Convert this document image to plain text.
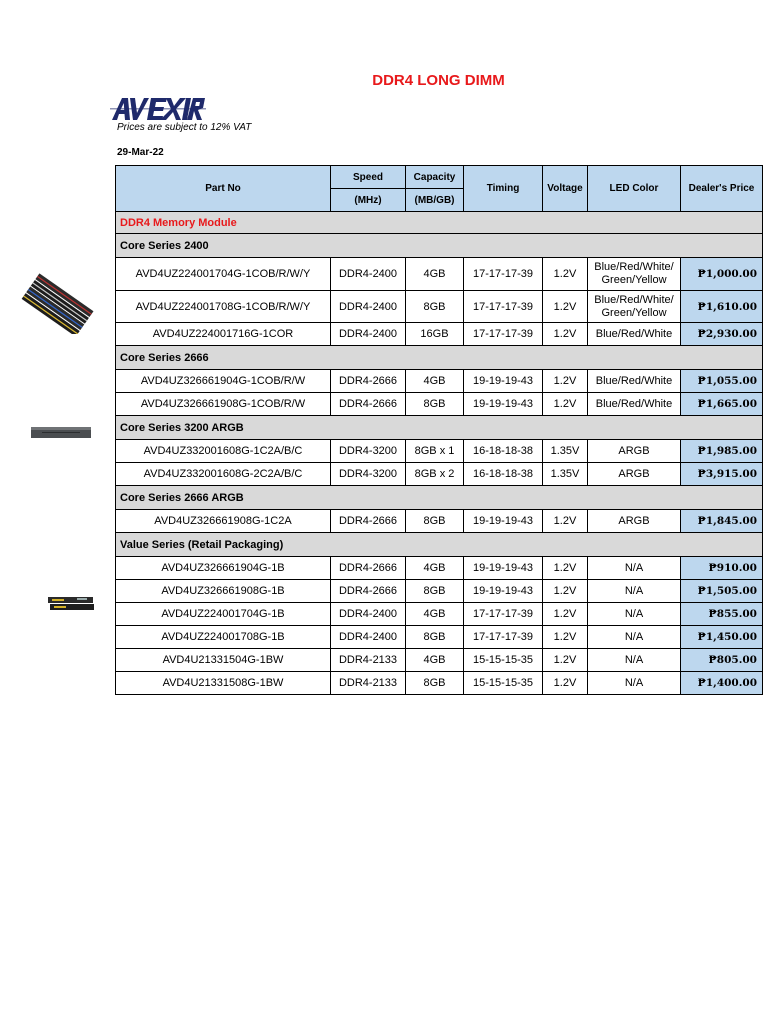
DDR4 LONG DIMM
Prices are subject to 12% VAT
29-Mar-22
Part No	Speed	Capacity	Timing	Voltage	LED Color	Dealer's Price
	(MHz)	(MB/GB)				
DDR4 Memory Module						
Core Series 2400						
AVD4UZ224001704G-1COB/R/W/Y	DDR4-2400	4GB	17-17-17-39	1.2V	Blue/Red/White/ Green/Yellow	₱1,000.00
AVD4UZ224001708G-1COB/R/W/Y	DDR4-2400	8GB	17-17-17-39	1.2V	Blue/Red/White/ Green/Yellow	₱1,610.00
AVD4UZ224001716G-1COR	DDR4-2400	16GB	17-17-17-39	1.2V	Blue/Red/White	₱2,930.00
Core Series 2666						
AVD4UZ326661904G-1COB/R/W	DDR4-2666	4GB	19-19-19-43	1.2V	Blue/Red/White	₱1,055.00
AVD4UZ326661908G-1COB/R/W	DDR4-2666	8GB	19-19-19-43	1.2V	Blue/Red/White	₱1,665.00
Core Series 3200 ARGB						
AVD4UZ332001608G-1C2A/B/C	DDR4-3200	8GB x 1	16-18-18-38	1.35V	ARGB	₱1,985.00
AVD4UZ332001608G-2C2A/B/C	DDR4-3200	8GB x 2	16-18-18-38	1.35V	ARGB	₱3,915.00
Core Series 2666 ARGB						
AVD4UZ326661908G-1C2A	DDR4-2666	8GB	19-19-19-43	1.2V	ARGB	₱1,845.00
Value Series (Retail Packaging)						
AVD4UZ326661904G-1B	DDR4-2666	4GB	19-19-19-43	1.2V	N/A	₱910.00
AVD4UZ326661908G-1B	DDR4-2666	8GB	19-19-19-43	1.2V	N/A	₱1,505.00
AVD4UZ224001704G-1B	DDR4-2400	4GB	17-17-17-39	1.2V	N/A	₱855.00
AVD4UZ224001708G-1B	DDR4-2400	8GB	17-17-17-39	1.2V	N/A	₱1,450.00
AVD4U21331504G-1BW	DDR4-2133	4GB	15-15-15-35	1.2V	N/A	₱805.00
AVD4U21331508G-1BW	DDR4-2133	8GB	15-15-15-35	1.2V	N/A	₱1,400.00
